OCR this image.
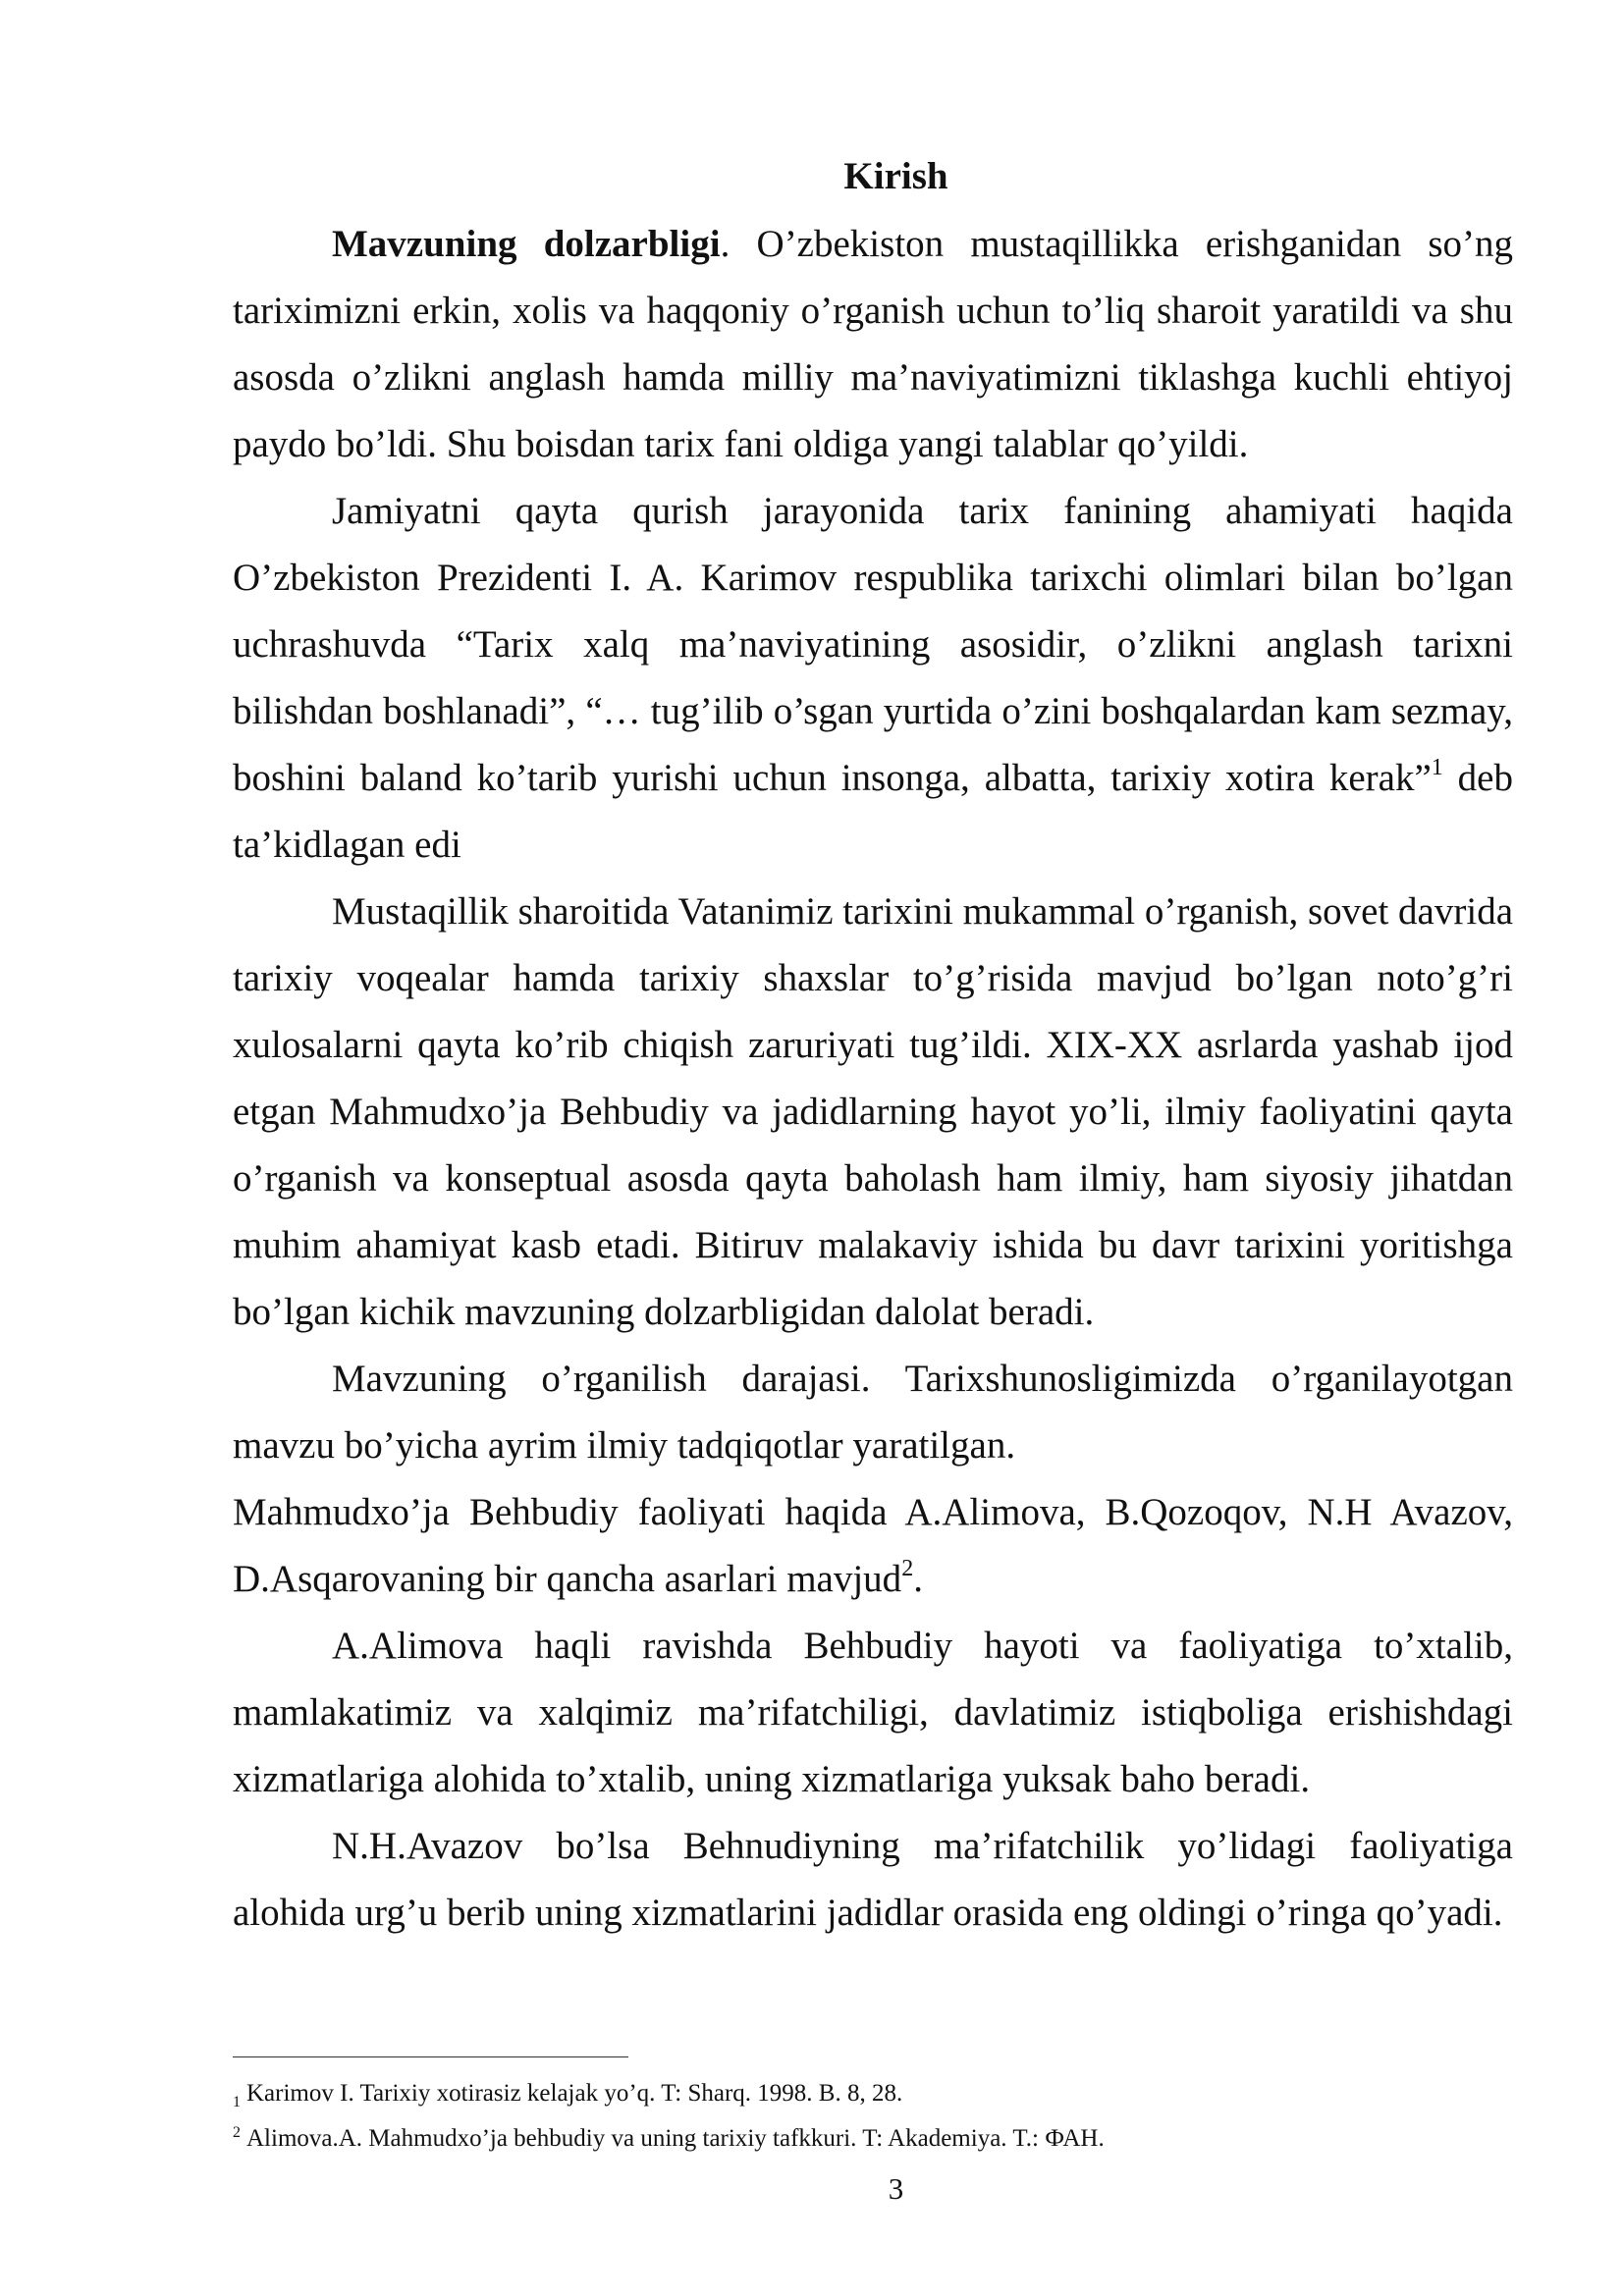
Kirish

Mavzuning dolzarbligi. O’zbekiston mustaqillikka erishganidan so’ng tariximizni erkin, xolis va haqqoniy o’rganish uchun to’liq sharoit yaratildi va shu asosda o’zlikni anglash hamda milliy ma’naviyatimizni tiklashga kuchli ehtiyoj paydo bo’ldi. Shu boisdan tarix fani oldiga yangi talablar qo’yildi.

Jamiyatni qayta qurish jarayonida tarix fanining ahamiyati haqida O’zbekiston Prezidenti I. A. Karimov respublika tarixchi olimlari bilan bo’lgan uchrashuvda “Tarix xalq ma’naviyatining asosidir, o’zlikni anglash tarixni bilishdan boshlanadi”, “… tug’ilib o’sgan yurtida o’zini boshqalardan kam sezmay, boshini baland ko’tarib yurishi uchun insonga, albatta, tarixiy xotira kerak”$^1$ deb ta’kidlagan edi

Mustaqillik sharoitida Vatanimiz tarixini mukammal o’rganish, sovet davrida tarixiy voqealar hamda tarixiy shaxslar to’g’risida mavjud bo’lgan noto’g’ri xulosalarni qayta ko’rib chiqish zaruriyati tug’ildi. XIX-XX asrlarda yashab ijod etgan Mahmudxo’ja Behbudiy va jadidlarning hayot yo’li, ilmiy faoliyatini qayta o’rganish va konseptual asosda qayta baholash ham ilmiy, ham siyosiy jihatdan muhim ahamiyat kasb etadi. Bitiruv malakaviy ishida bu davr tarixini yoritishga bo’lgan kichik mavzuning dolzarbligidan dalolat beradi.

Mavzuning o’rganilish darajasi. Tarixshunosligimizda o’rganilayotgan mavzu bo’yicha ayrim ilmiy tadqiqotlar yaratilgan.

Mahmudxo’ja Behbudiy faoliyati haqida A.Alimova, B.Qozoqov, N.H Avazov, D.Asqarovaning bir qancha asarlari mavjud$^2$.

A.Alimova haqli ravishda Behbudiy hayoti va faoliyatiga to’xtalib, mamlakatimiz va xalqimiz ma’rifatchiligi, davlatimiz istiqboliga erishishdagi xizmatlariga alohida to’xtalib, uning xizmatlariga yuksak baho beradi.

N.H.Avazov bo’lsa Behnudiyning ma’rifatchilik yo’lidagi faoliyatiga alohida urg’u berib uning xizmatlarini jadidlar orasida eng oldingi o’ringa qo’yadi.

$_1$ Karimov I. Tarixiy xotirasiz kelajak yo’q. T: Sharq. 1998. B. 8, 28.

$^2$ Alimova.A. Mahmudxo’ja behbudiy va uning tarixiy tafkkuri. T: Akademiya. T.: ФАН.

3
